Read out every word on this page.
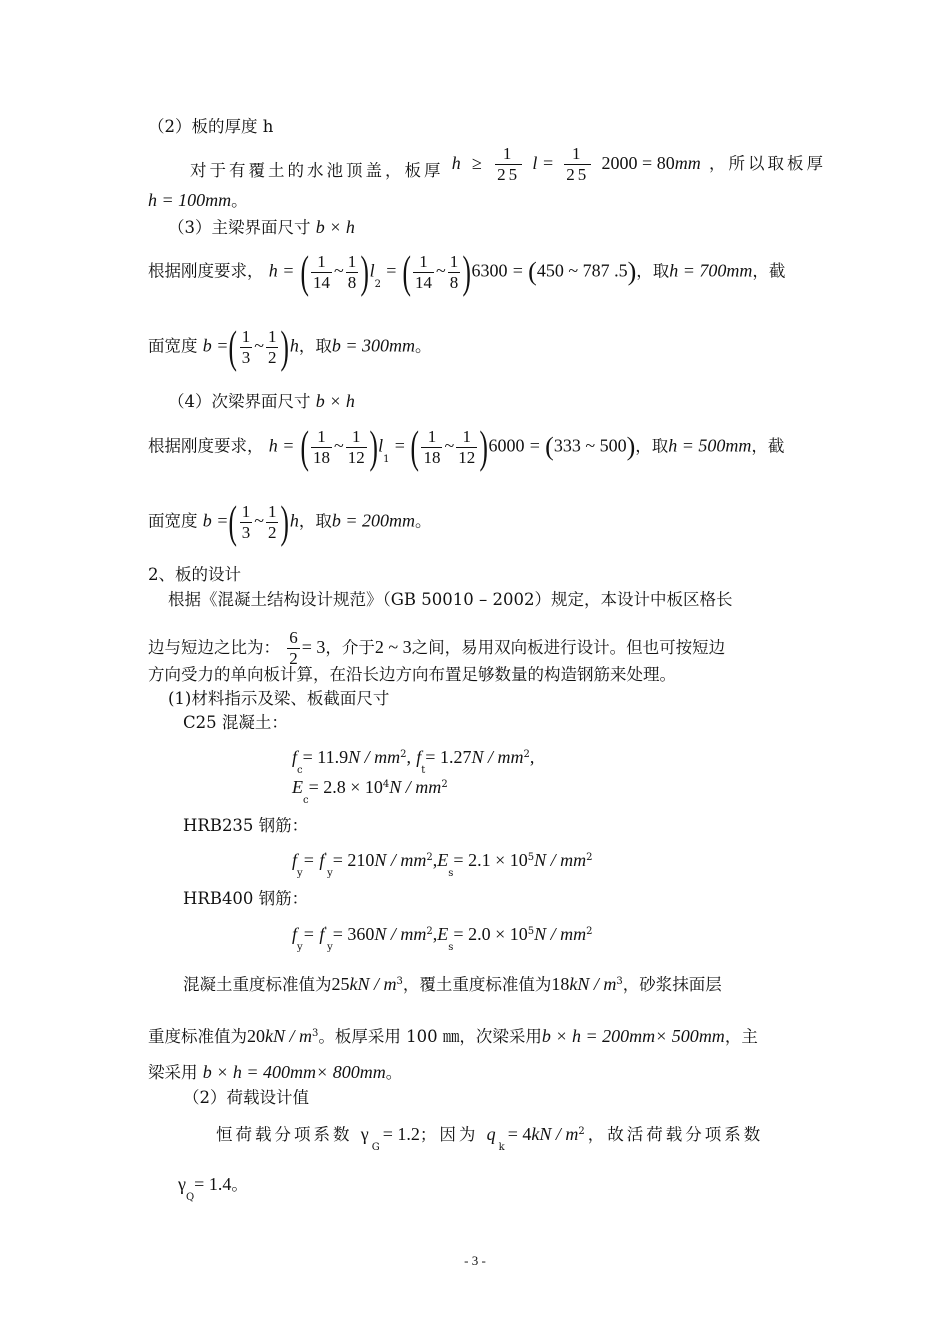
（2）板的厚度 h
对于有覆土的水池顶盖，板厚 $h \ge \frac{1}{25}$ $l = \frac{1}{25} 2000 = 80mm$ ，所以取板厚
h = 100mm。
（3）主梁界面尺寸 b × h
根据刚度要求， h = ( $\frac{1}{14}$ ~ $\frac{1}{8} )l_2$ = ( $\frac{1}{14}$ ~ $\frac{1}{8} )6300 = (450$ ~ 787 .5)，取h = 700mm，截
面宽度 b =( $\frac{1}{3}$ ~ $\frac{1}{2} )h$，取b = 300mm。
（4）次梁界面尺寸 b × h
根据刚度要求， h = ( $\frac{1}{18}$ ~ $\frac{1}{12} )l_1$ = ( $\frac{1}{18}$ ~ $\frac{1}{12} )6000 = (333$ ~ 500)，取h = 500mm，截
面宽度 b =( $\frac{1}{3}$ ~ $\frac{1}{2} )h$，取b = 200mm。
2、板的设计
根据《混凝土结构设计规范》（GB 50010 – 2002）规定，本设计中板区格长
边与短边之比为： $\frac{6}{2} = 3$，介于2 ~ 3之间，易用双向板进行设计。但也可按短边
方向受力的单向板计算，在沿长边方向布置足够数量的构造钢筋来处理。
(1)材料指示及梁、板截面尺寸
C25 混凝土：
$f_c= 11.9N / mm^2$, $f_t= 1.27N / mm^2$,
$E_c= 2.8 \times 10^4N / mm^2$
HRB235 钢筋：
$f_y= f'_y= 210N / mm^2,E_s= 2.1 \times 10^5N / mm^2$
HRB400 钢筋：
$f_y= f'_y= 360N / mm^2,E_s= 2.0 \times 10^5N / mm^2$
混凝土重度标准值为$25kN / m^3$，覆土重度标准值为$18kN / m^3$，砂浆抹面层
重度标准值为$20kN / m^3$。板厚采用 100 ㎜，次梁采用b × h = 200mm× 500mm，主
梁采用 b × h = 400mm× 800mm。
（2）荷载设计值
恒荷载分项系数 $\gamma_G= 1.2$；因为 $q_k= 4kN / m^2$，故活荷载分项系数
$\gamma_Q= 1.4$。
- 3 -
